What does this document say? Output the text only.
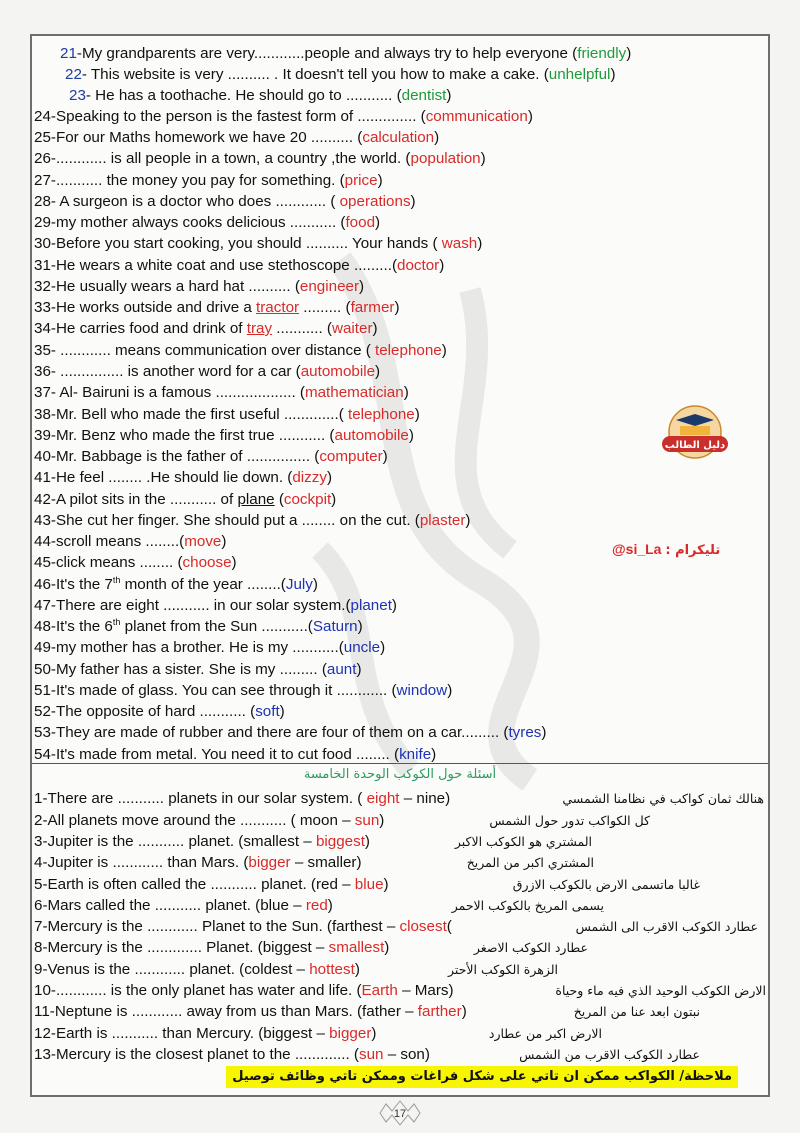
21-My grandparents are very............people and always try to help everyone (friendly)
22- This website is very .......... . It doesn't tell you how to make a cake. (unhelpful)
23- He has a toothache. He should go to ........... (dentist)
24-Speaking to the person is the fastest form of .............. (communication)
25-For our Maths homework we have 20 .......... (calculation)
26-............ is all people in a town, a country ,the world. (population)
27-........... the money you pay for something. (price)
28- A surgeon is a doctor who does ............ ( operations)
29-my mother always cooks delicious ........... (food)
30-Before you start cooking, you should .......... Your hands ( wash)
31-He wears a white coat and use stethoscope .........(doctor)
32-He usually wears a hard hat .......... (engineer)
33-He works outside and drive a tractor ......... (farmer)
34-He carries food and drink of tray ........... (waiter)
35- ............ means communication over distance ( telephone)
36- ............... is another word for a car (automobile)
37- Al- Bairuni is a famous ................... (mathematician)
38-Mr. Bell who made the first useful .............( telephone)
39-Mr. Benz who made the first true ........... (automobile)
40-Mr. Babbage is the father of ............... (computer)
41-He feel ........ .He should lie down. (dizzy)
42-A pilot sits in the ........... of plane (cockpit)
43-She cut her finger. She should put a ........ on the cut. (plaster)
44-scroll means ........(move)
45-click means ........ (choose)
46-It's the 7th month of the year ........(July)
47-There are eight ........... in our solar system.(planet)
48-It's the 6th planet from the Sun ...........(Saturn)
49-my mother has a brother. He is my ...........(uncle)
50-My father has a sister. She is my ......... (aunt)
51-It's made of glass. You can see through it ............ (window)
52-The opposite of hard ........... (soft)
53-They are made of rubber and there are four of them on a car......... (tyres)
54-It's made from metal. You need it to cut food ........ (knife)
أسئلة حول الكوكب الوحدة الخامسة
1-There are ........... planets in our solar system. ( eight – nine)	هنالك ثمان كواكب في نظامنا الشمسي
2-All planets move around the ........... ( moon – sun)	كل الكواكب تدور حول الشمس
3-Jupiter is the ........... planet. (smallest – biggest)	المشتري هو الكوكب الاكبر
4-Jupiter is ............ than Mars. (bigger – smaller)	المشتري اكبر من المريخ
5-Earth is often called the ........... planet. (red – blue)	غالبا ماتسمى الارض بالكوكب الازرق
6-Mars called the ........... planet. (blue – red)	يسمى المريخ بالكوكب الاحمر
7-Mercury is the ............ Planet to the Sun. (farthest – closest(	عطارد الكوكب الاقرب الى الشمس
8-Mercury is the ............. Planet. (biggest – smallest)	عطارد الكوكب الاصغر
9-Venus is the ............ planet. (coldest – hottest)	الزهرة الكوكب الأحتر
10-............ is the only planet has water and life. (Earth – Mars)	الارض الكوكب الوحيد الذي فيه ماء وحياة
11-Neptune is ............ away from us than Mars. (father – farther)	نبتون ابعد عنا من المريخ
12-Earth is ........... than Mercury. (biggest – bigger)	الارض اكبر من عطارد
13-Mercury is the closest planet to the ............. (sun – son)	عطارد الكوكب الاقرب من الشمس
ملاحظة/ الكواكب ممكن ان تاتي على شكل فراغات وممكن تاتي وظائف توصيل
@si_La تليكرام :
دليل الطالب
17
